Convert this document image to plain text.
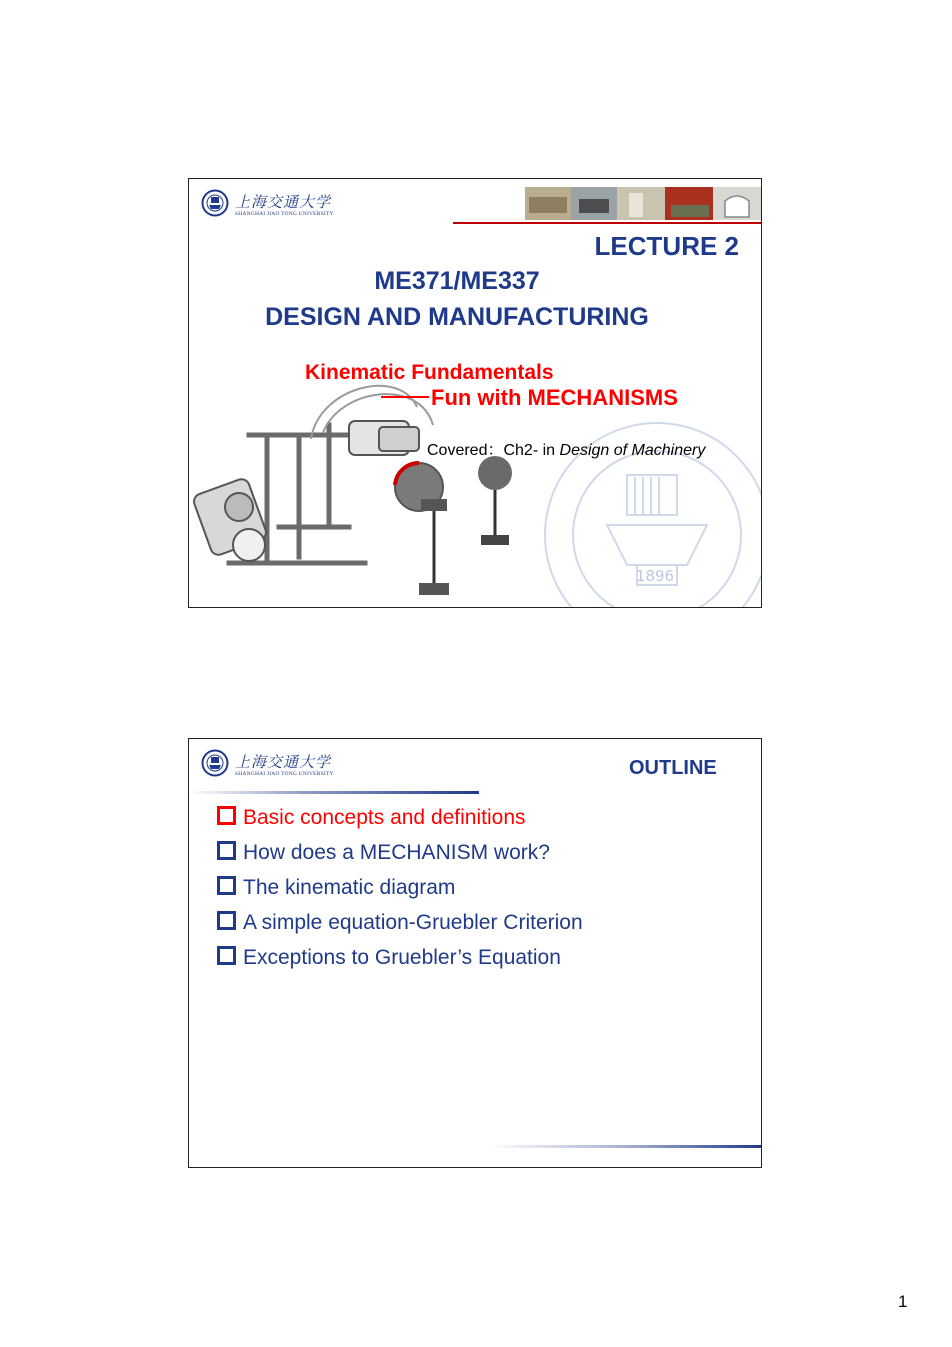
1896
上海交通大学
SHANGHAI JIAO TONG UNIVERSITY
LECTURE 2
ME371/ME337
DESIGN AND MANUFACTURING
Kinematic Fundamentals
Fun with MECHANISMS
Covered：Ch2- in Design of Machinery
上海交通大学
SHANGHAI JIAO TONG UNIVERSITY	OUTLINE
Basic concepts and definitions
How does a MECHANISM work?
The kinematic diagram
A simple equation-Gruebler Criterion
Exceptions to Gruebler’s Equation
1
